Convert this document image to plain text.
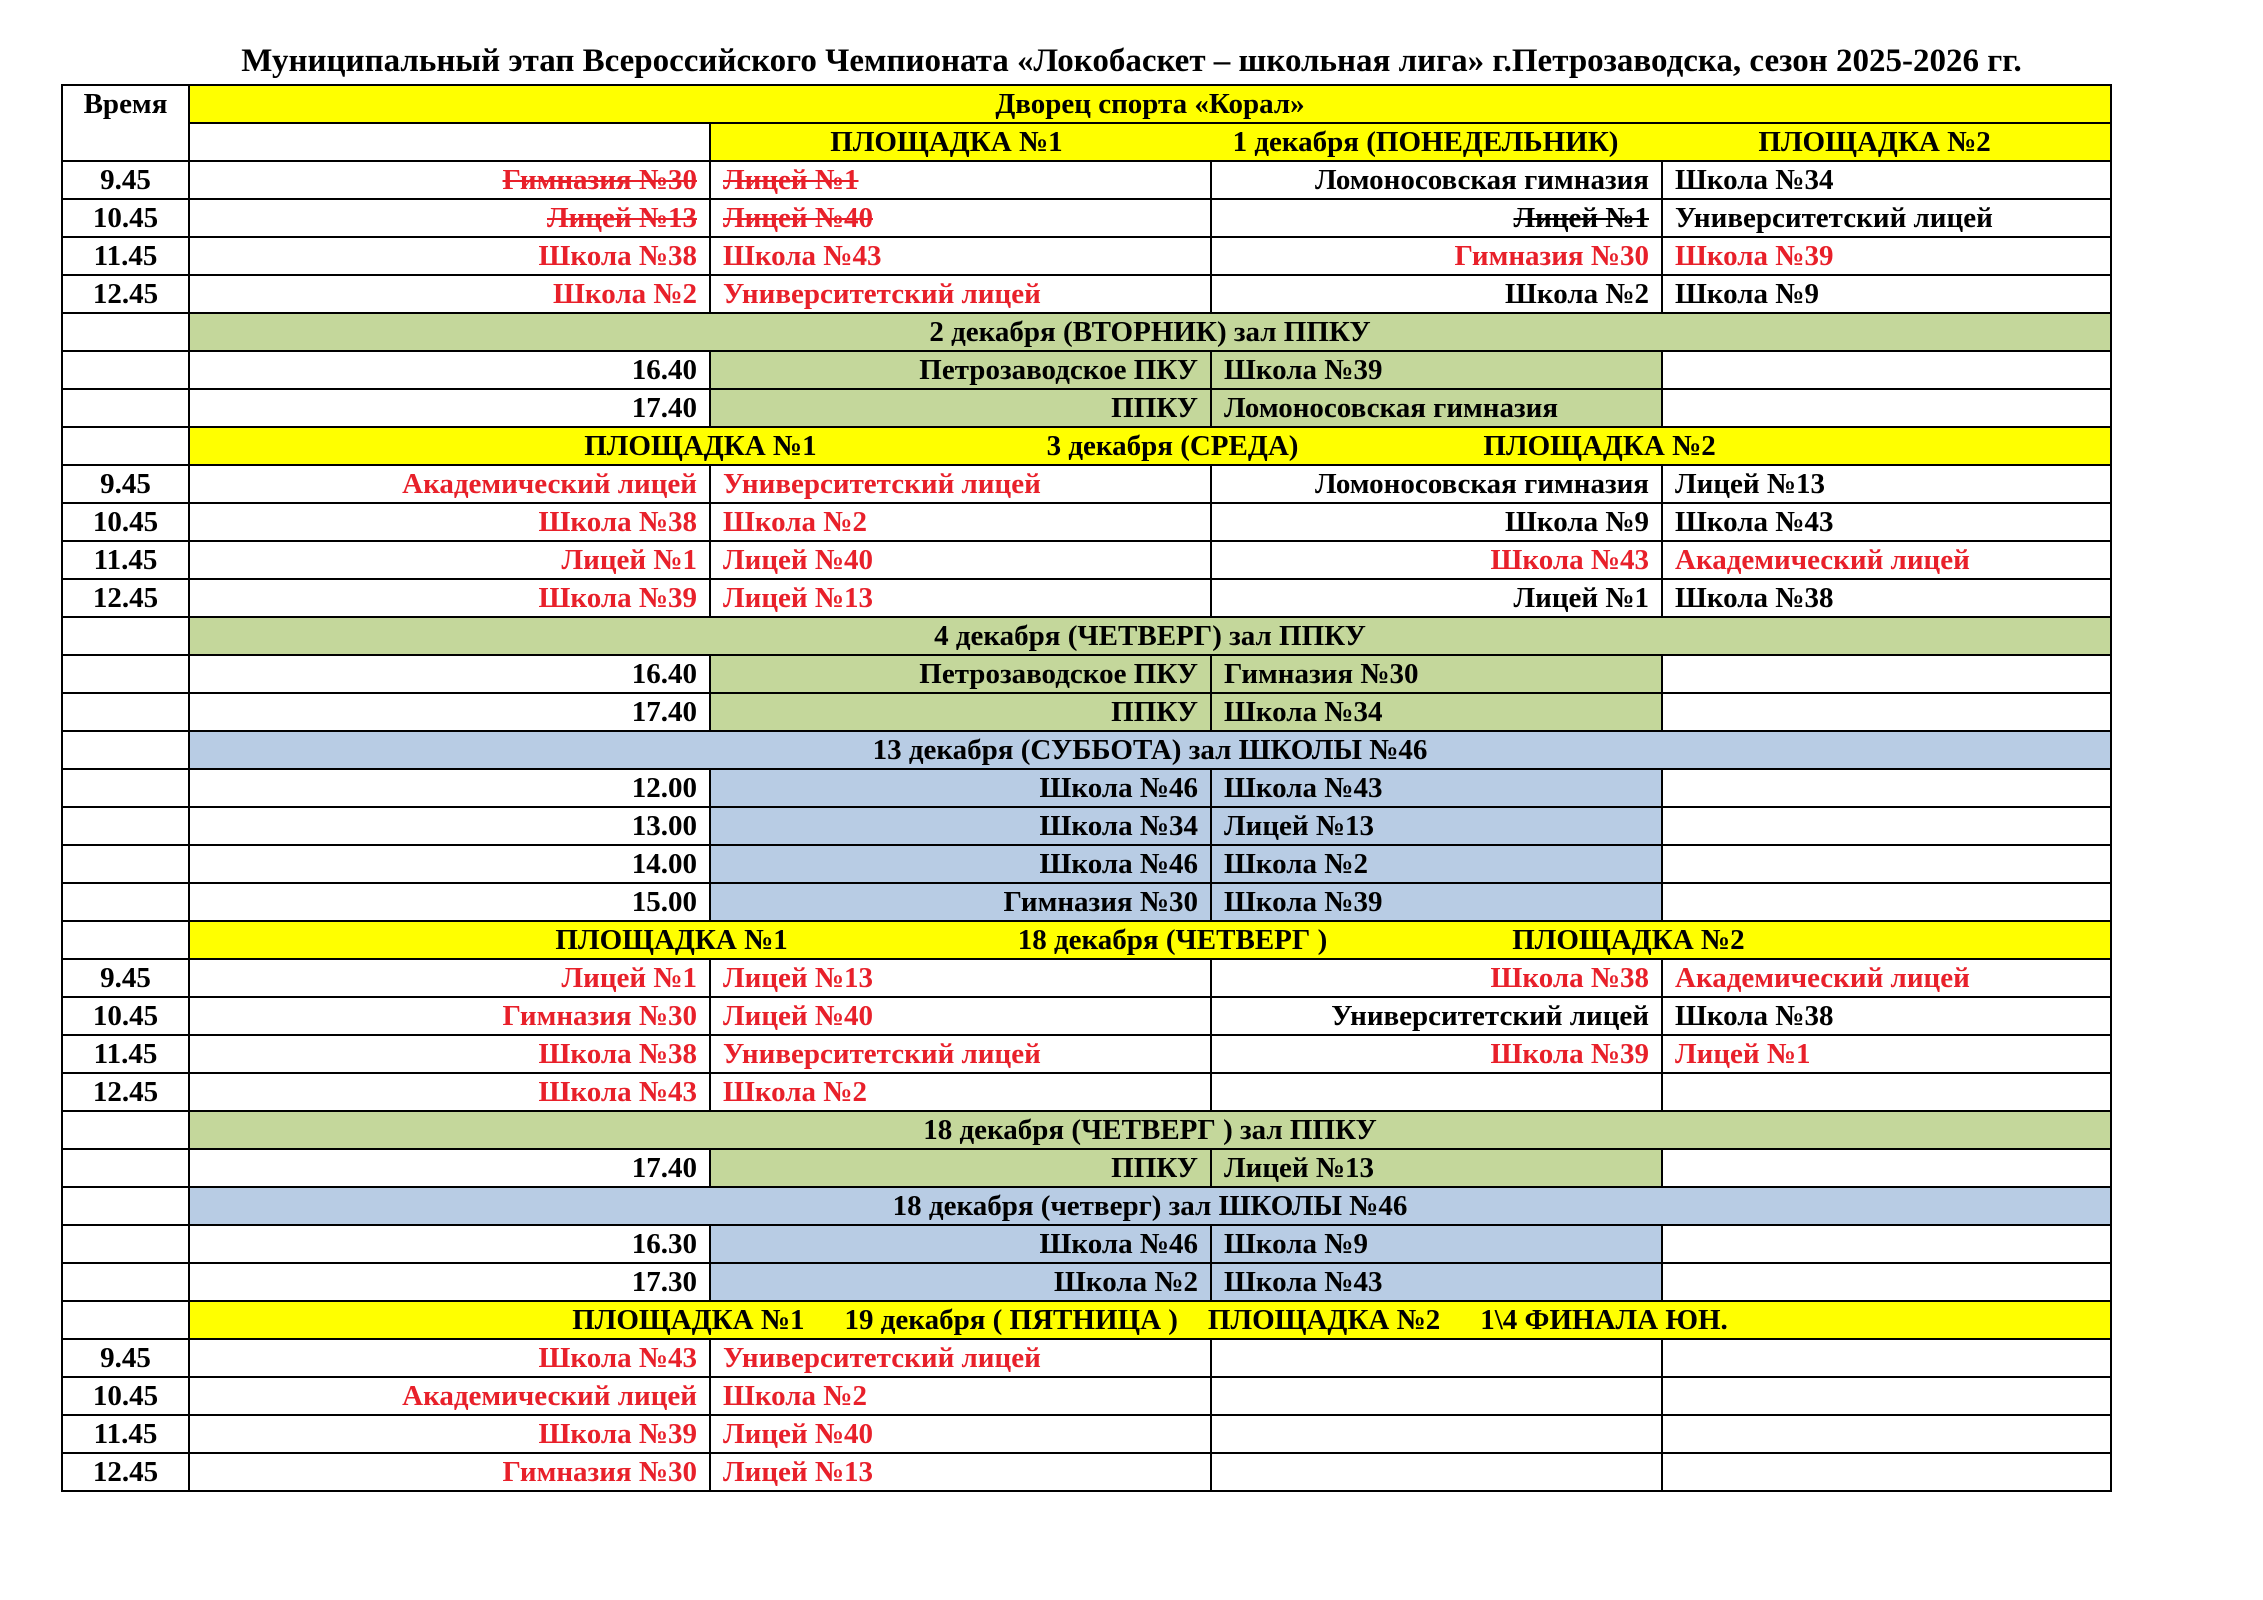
Муниципальный этап Всероссийского Чемпионата «Локобаскет – школьная лига» г.Петрозаводска, сезон 2025-2026 гг.
Время	Дворец спорта «Корал»			

		ПЛОЩАДКА №1 1 декабря (ПОНЕДЕЛЬНИК) ПЛОЩАДКА №2		

9.45	Гимназия №30	Лицей №1	Ломоносовская гимназия	Школа №34
10.45	Лицей №13	Лицей №40	Лицей №1	Университетский лицей
11.45	Школа №38	Школа №43	Гимназия №30	Школа №39
12.45	Школа №2	Университетский лицей	Школа №2	Школа №9
	2 декабря (ВТОРНИК) зал ППКУ			
	16.40	Петрозаводское ПКУ	Школа №39	
	17.40	ППКУ	Ломоносовская гимназия	

	ПЛОЩАДКА №1 3 декабря (СРЕДА) ПЛОЩАДКА №2			

9.45	Академический лицей	Университетский лицей	Ломоносовская гимназия	Лицей №13
10.45	Школа №38	Школа №2	Школа №9	Школа №43
11.45	Лицей №1	Лицей №40	Школа №43	Академический лицей
12.45	Школа №39	Лицей №13	Лицей №1	Школа №38
	4 декабря (ЧЕТВЕРГ) зал ППКУ			
	16.40	Петрозаводское ПКУ	Гимназия №30	
	17.40	ППКУ	Школа №34	
	13 декабря (СУББОТА) зал ШКОЛЫ №46			
	12.00	Школа №46	Школа №43	
	13.00	Школа №34	Лицей №13	
	14.00	Школа №46	Школа №2	
	15.00	Гимназия №30	Школа №39	

	ПЛОЩАДКА №1 18 декабря (ЧЕТВЕРГ ) ПЛОЩАДКА №2			

9.45	Лицей №1	Лицей №13	Школа №38	Академический лицей
10.45	Гимназия №30	Лицей №40	Университетский лицей	Школа №38
11.45	Школа №38	Университетский лицей	Школа №39	Лицей №1
12.45	Школа №43	Школа №2		
	18 декабря (ЧЕТВЕРГ ) зал ППКУ			
	17.40	ППКУ	Лицей №13	
	18 декабря (четверг) зал ШКОЛЫ №46			
	16.30	Школа №46	Школа №9	
	17.30	Школа №2	Школа №43	

	ПЛОЩАДКА №1 19 декабря ( ПЯТНИЦА ) ПЛОЩАДКА №2 1\4 ФИНАЛА ЮН.			

9.45	Школа №43	Университетский лицей		
10.45	Академический лицей	Школа №2		
11.45	Школа №39	Лицей №40		
12.45	Гимназия №30	Лицей №13		
